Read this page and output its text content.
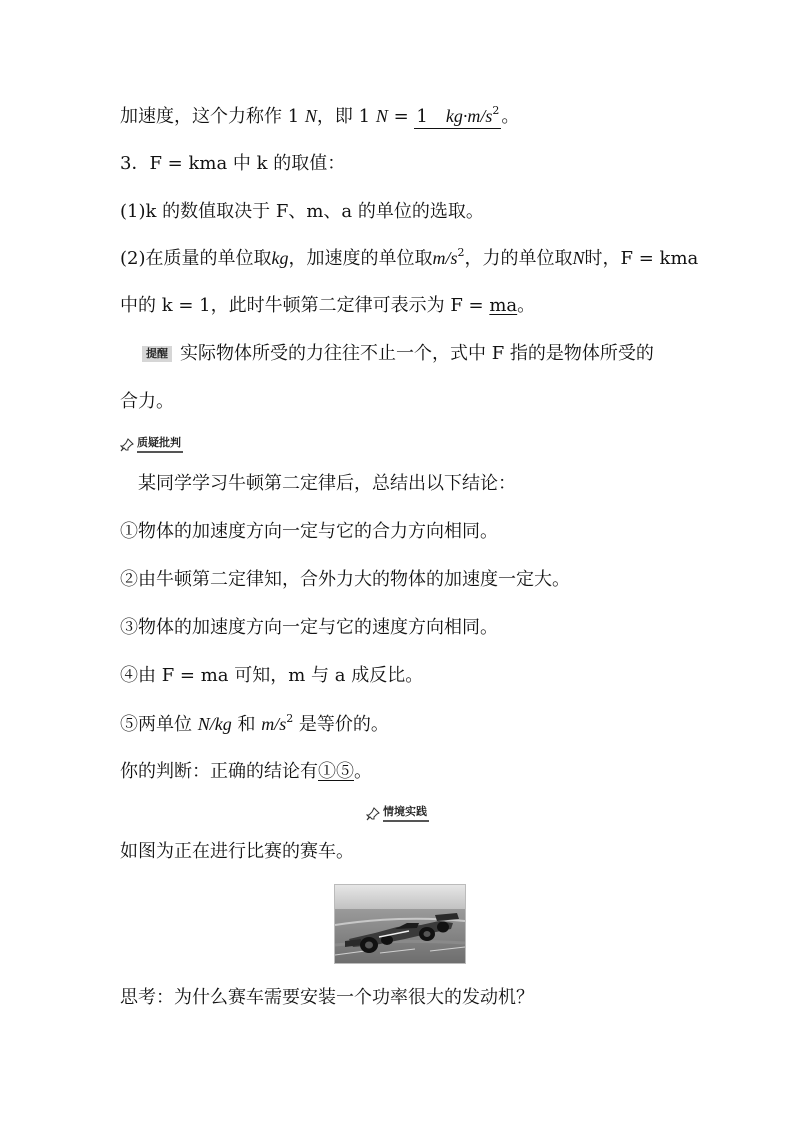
加速度，这个力称作 1 N，即 1 N = 1　$kg\cdot m/s^2$ 。
3．F = kma 中 k 的取值：
(1)k 的数值取决于 F、m、a 的单位的选取。
(2)在质量的单位取kg，加速度的单位取$m/s^2$，力的单位取N时，F = kma
中的 k = 1，此时牛顿第二定律可表示为 F = ma。
提醒 实际物体所受的力往往不止一个，式中 F 指的是物体所受的
合力。
质疑批判
某同学学习牛顿第二定律后，总结出以下结论：
①物体的加速度方向一定与它的合力方向相同。
②由牛顿第二定律知，合外力大的物体的加速度一定大。
③物体的加速度方向一定与它的速度方向相同。
④由 F = ma 可知，m 与 a 成反比。
⑤两单位 N/kg 和 $m/s^2$ 是等价的。
你的判断：正确的结论有①⑤。
情境实践
如图为正在进行比赛的赛车。
思考：为什么赛车需要安装一个功率很大的发动机？
